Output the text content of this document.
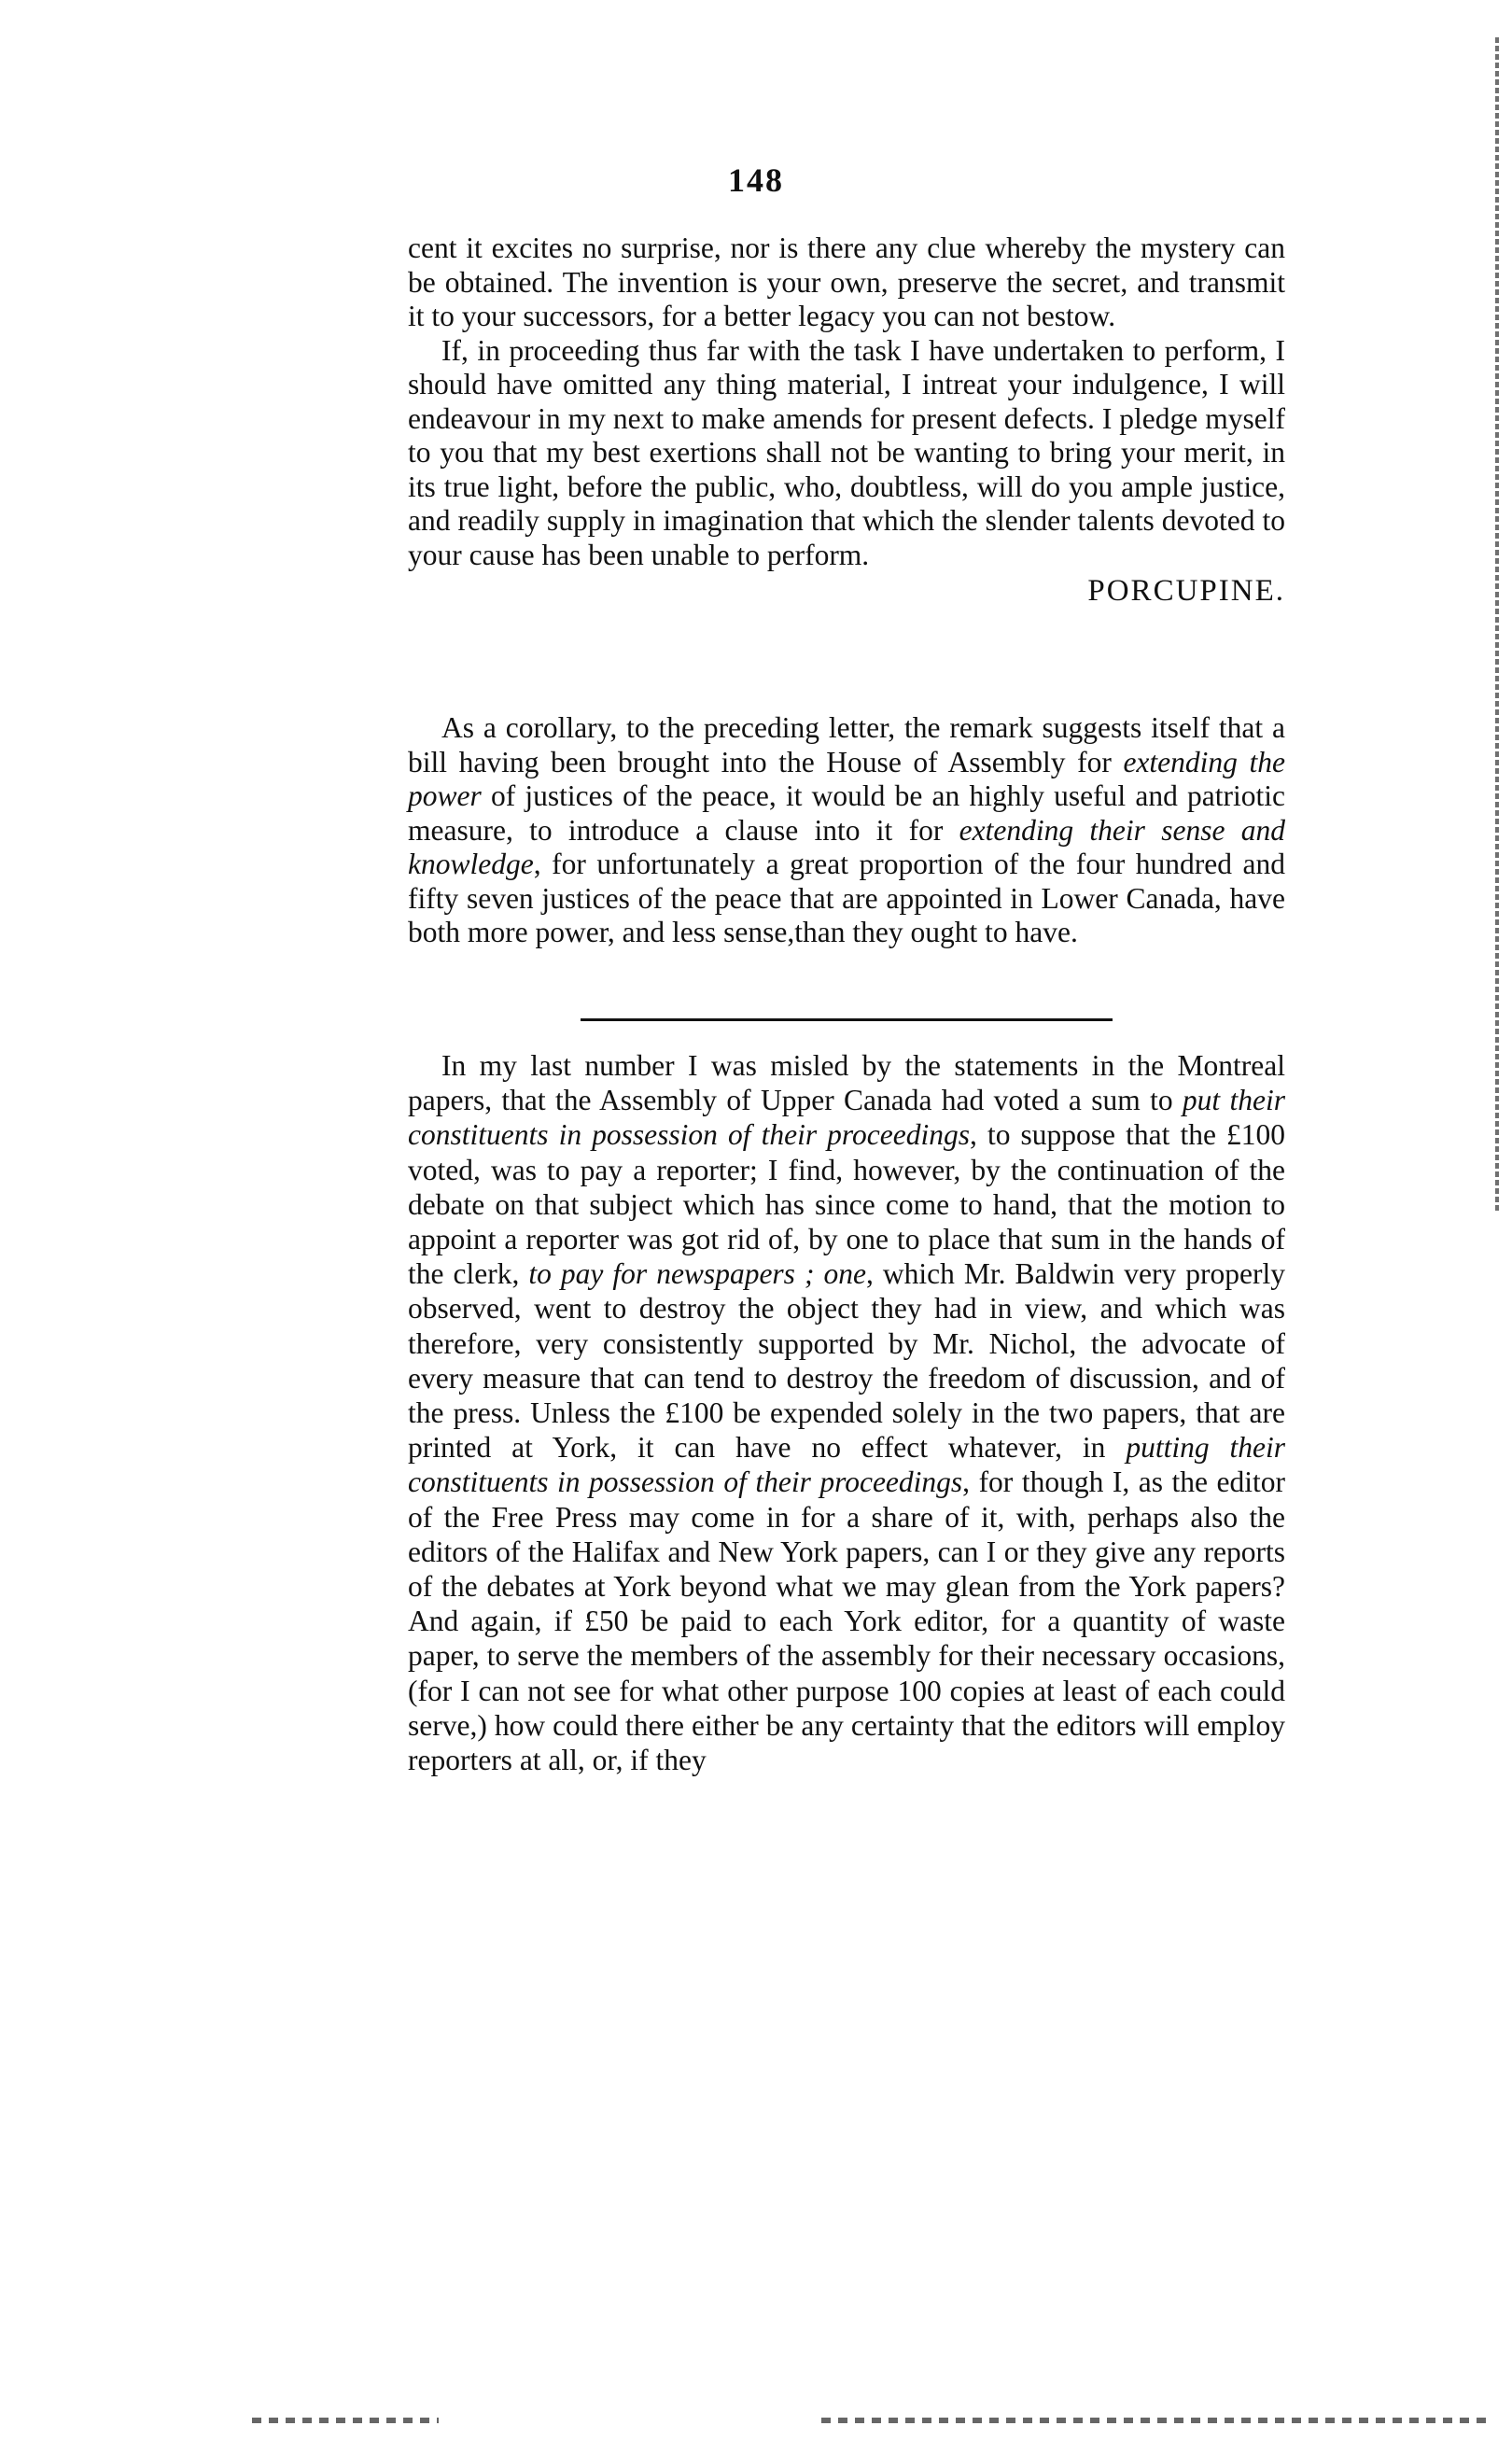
148

cent it excites no surprise, nor is there any clue whereby the mystery can be obtained. The invention is your own, preserve the secret, and transmit it to your successors, for a better legacy you can not bestow.

If, in proceeding thus far with the task I have undertaken to perform, I should have omitted any thing material, I intreat your indulgence, I will endeavour in my next to make amends for present defects. I pledge myself to you that my best exertions shall not be wanting to bring your merit, in its true light, before the public, who, doubtless, will do you ample justice, and readily supply in imagination that which the slender talents devoted to your cause has been unable to perform.

PORCUPINE.

As a corollary, to the preceding letter, the remark suggests itself that a bill having been brought into the House of Assembly for extending the power of justices of the peace, it would be an highly useful and patriotic measure, to introduce a clause into it for extending their sense and knowledge, for unfortunately a great proportion of the four hundred and fifty seven justices of the peace that are appointed in Lower Canada, have both more power, and less sense,than they ought to have.

In my last number I was misled by the statements in the Montreal papers, that the Assembly of Upper Canada had voted a sum to put their constituents in possession of their proceedings, to suppose that the £100 voted, was to pay a reporter; I find, however, by the continuation of the debate on that subject which has since come to hand, that the motion to appoint a reporter was got rid of, by one to place that sum in the hands of the clerk, to pay for newspapers ; one, which Mr. Baldwin very properly observed, went to destroy the object they had in view, and which was therefore, very consistently supported by Mr. Nichol, the advocate of every measure that can tend to destroy the freedom of discussion, and of the press. Unless the £100 be expended solely in the two papers, that are printed at York, it can have no effect whatever, in putting their constituents in possession of their proceedings, for though I, as the editor of the Free Press may come in for a share of it, with, perhaps also the editors of the Halifax and New York papers, can I or they give any reports of the debates at York beyond what we may glean from the York papers? And again, if £50 be paid to each York editor, for a quantity of waste paper, to serve the members of the assembly for their necessary occasions, (for I can not see for what other purpose 100 copies at least of each could serve,) how could there either be any certainty that the editors will employ reporters at all, or, if they
